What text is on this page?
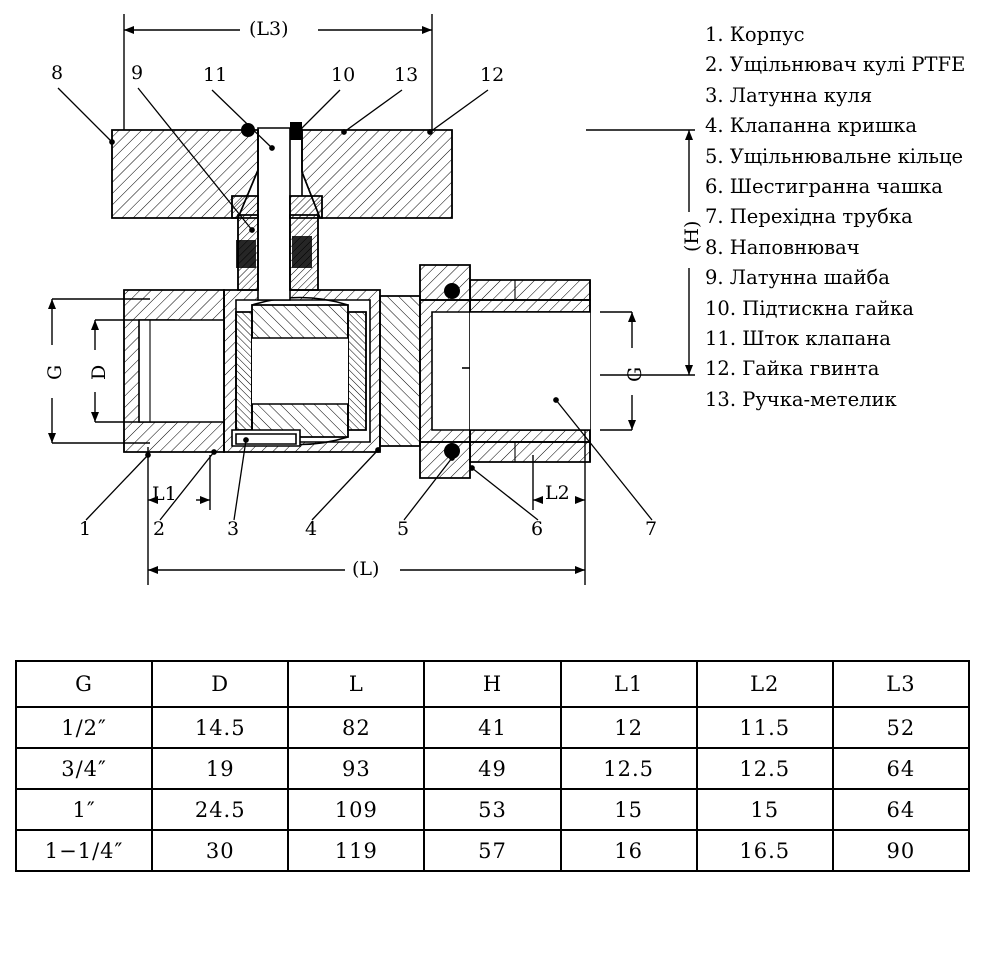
(L3)
(H)
(L)
G D	G
L1	L2
8	9	11	10 13	12
1	2	3	4	5	6	7
1. Корпус
2. Ущільнювач кулі PTFE
3. Латунна куля
4. Клапанна кришка
5. Ущільнювальне кільце
6. Шестигранна чашка
7. Перехідна трубка
8. Наповнювач
9. Латунна шайба
10. Підтискна гайка
11. Шток клапана
12. Гайка гвинта
13. Ручка-метелик
G	D	L	H	L1	L2	L3
1/2″	14.5	82	41	12	11.5	52
3/4″	19	93	49	12.5	12.5	64
1″	24.5	109	53	15	15	64
1−1/4″	30	119	57	16	16.5	90
